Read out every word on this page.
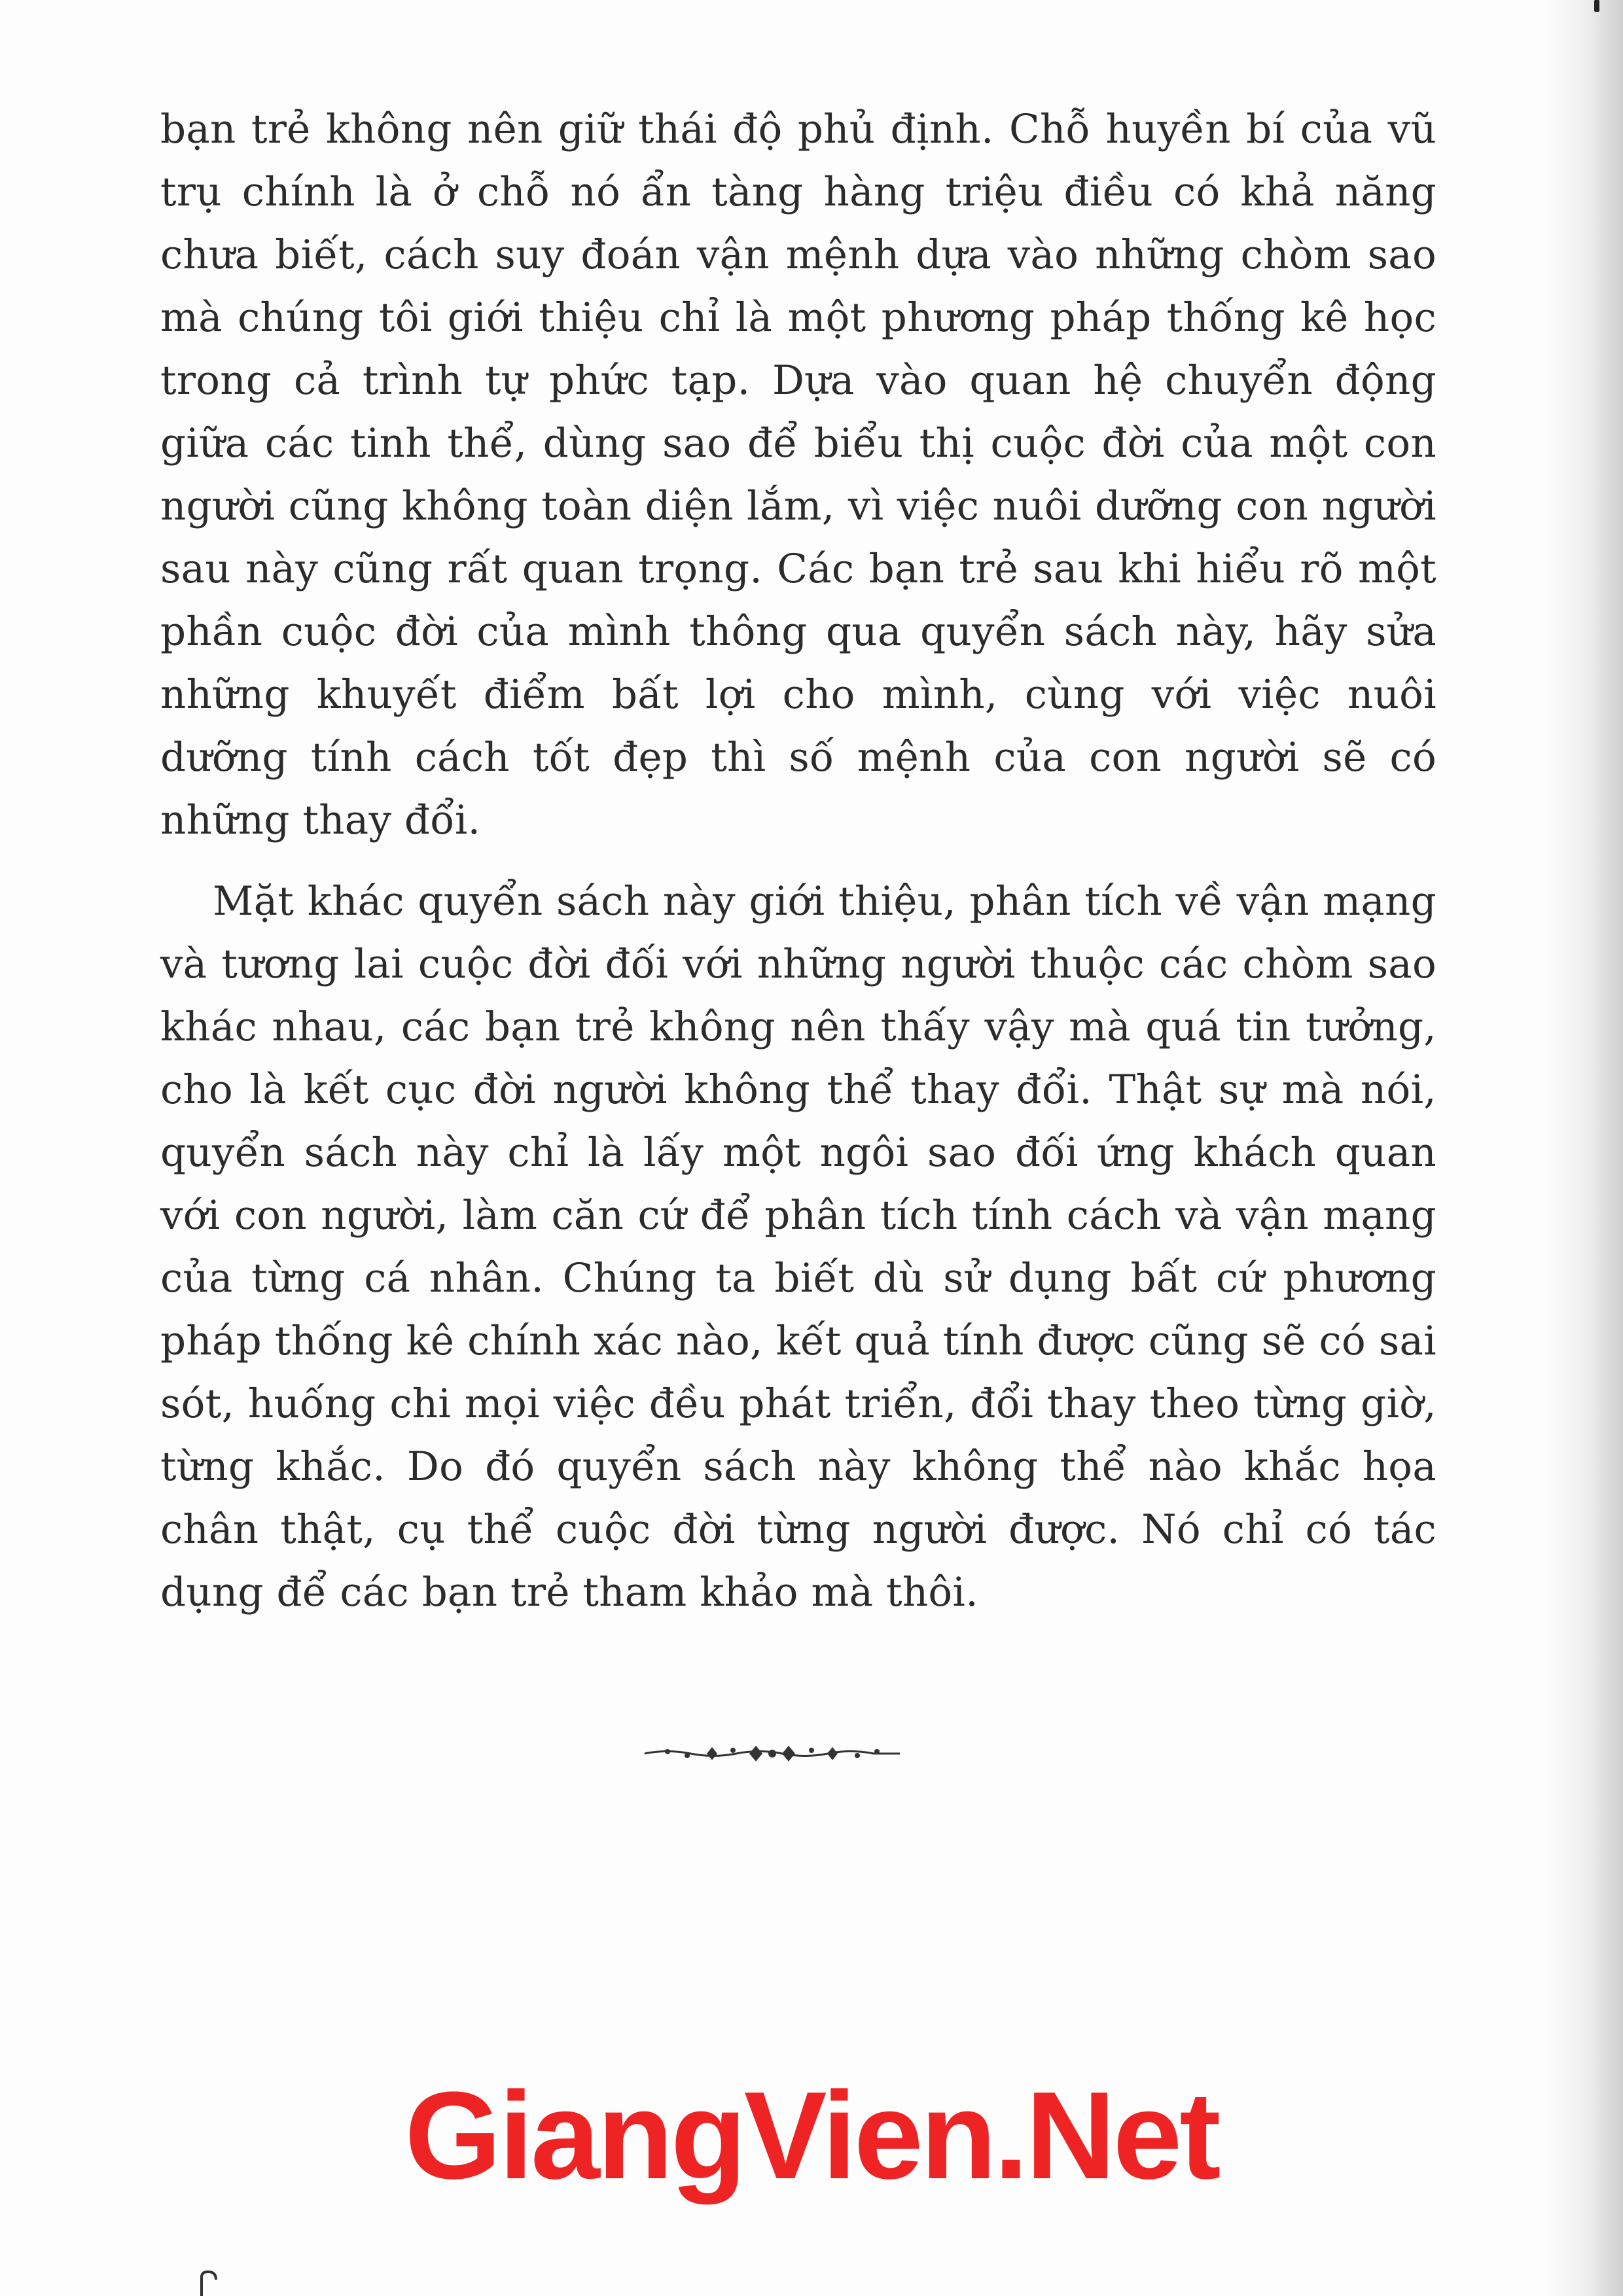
bạn trẻ không nên giữ thái độ phủ định. Chỗ huyền bí của vũ trụ chính là ở chỗ nó ẩn tàng hàng triệu điều có khả năng chưa biết, cách suy đoán vận mệnh dựa vào những chòm sao mà chúng tôi giới thiệu chỉ là một phương pháp thống kê học trong cả trình tự phức tạp. Dựa vào quan hệ chuyển động giữa các tinh thể, dùng sao để biểu thị cuộc đời của một con người cũng không toàn diện lắm, vì việc nuôi dưỡng con người sau này cũng rất quan trọng. Các bạn trẻ sau khi hiểu rõ một phần cuộc đời của mình thông qua quyển sách này, hãy sửa những khuyết điểm bất lợi cho mình, cùng với việc nuôi dưỡng tính cách tốt đẹp thì số mệnh của con người sẽ có những thay đổi.

Mặt khác quyển sách này giới thiệu, phân tích về vận mạng và tương lai cuộc đời đối với những người thuộc các chòm sao khác nhau, các bạn trẻ không nên thấy vậy mà quá tin tưởng, cho là kết cục đời người không thể thay đổi. Thật sự mà nói, quyển sách này chỉ là lấy một ngôi sao đối ứng khách quan với con người, làm căn cứ để phân tích tính cách và vận mạng của từng cá nhân. Chúng ta biết dù sử dụng bất cứ phương pháp thống kê chính xác nào, kết quả tính được cũng sẽ có sai sót, huống chi mọi việc đều phát triển, đổi thay theo từng giờ, từng khắc. Do đó quyển sách này không thể nào khắc họa chân thật, cụ thể cuộc đời từng người được. Nó chỉ có tác dụng để các bạn trẻ tham khảo mà thôi.

GiangVien.Net
